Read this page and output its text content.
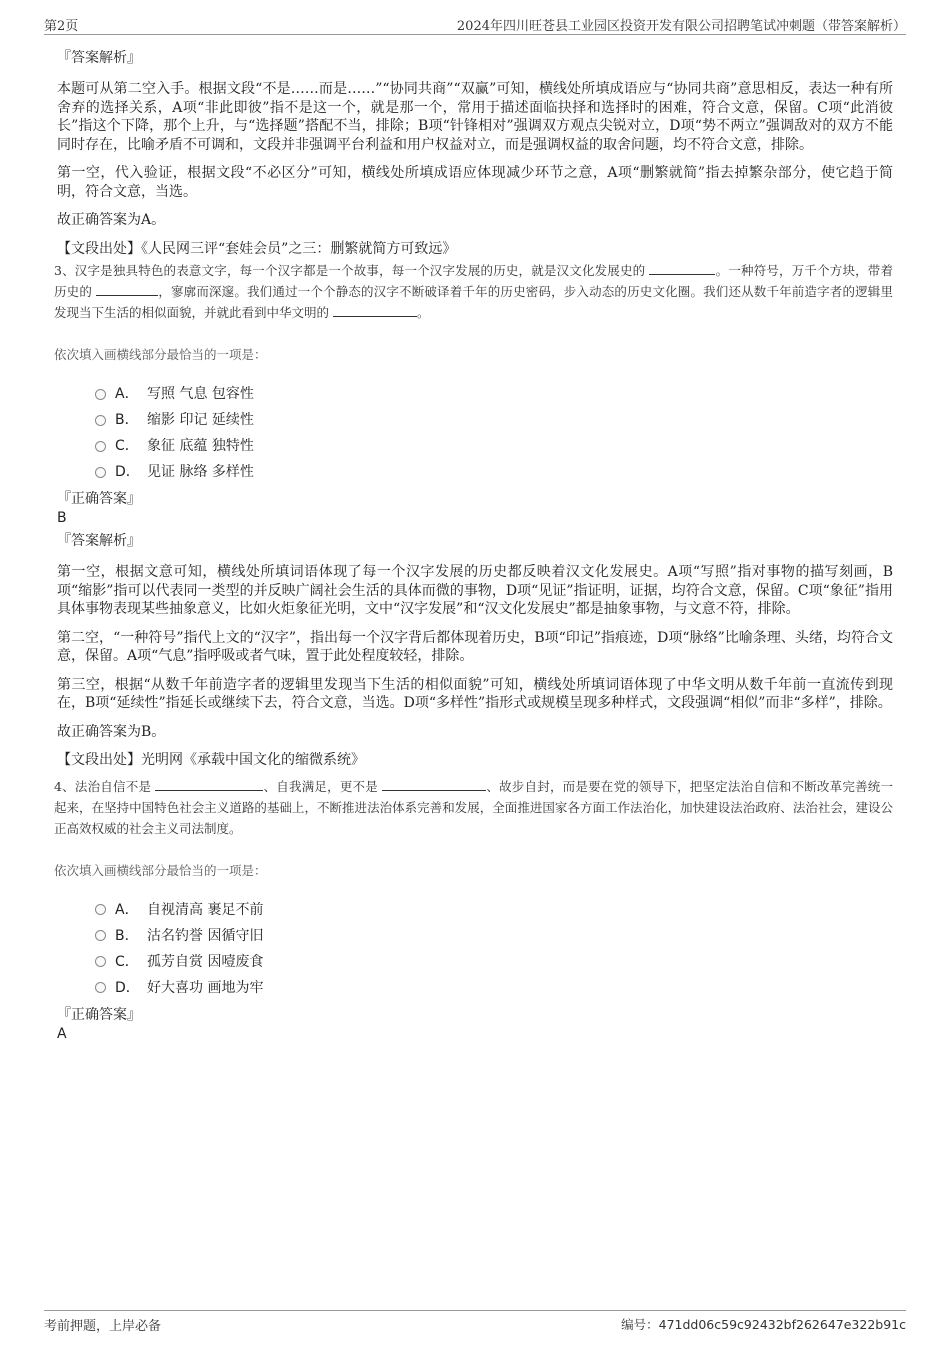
第2页	2024年四川旺苍县工业园区投资开发有限公司招聘笔试冲刺题（带答案解析）

『答案解析』

本题可从第二空入手。根据文段“不是……而是……”“协同共商”“双赢”可知，横线处所填成语应与“协同共商”意思相反，表达一种有所舍弃的选择关系，A项“非此即彼”指不是这一个，就是那一个，常用于描述面临抉择和选择时的困难，符合文意，保留。C项“此消彼长”指这个下降，那个上升，与“选择题”搭配不当，排除；B项“针锋相对”强调双方观点尖锐对立，D项“势不两立”强调敌对的双方不能同时存在，比喻矛盾不可调和，文段并非强调平台利益和用户权益对立，而是强调权益的取舍问题，均不符合文意，排除。

第一空，代入验证，根据文段“不必区分”可知，横线处所填成语应体现减少环节之意，A项“删繁就简”指去掉繁杂部分，使它趋于简明，符合文意，当选。

故正确答案为A。

【文段出处】《人民网三评“套娃会员”之三：删繁就简方可致远》

3、汉字是独具特色的表意文字，每一个汉字都是一个故事，每一个汉字发展的历史，就是汉文化发展史的	。一种符号，万千个方块，带着历史的	，寥廓而深邃。我们通过一个个静态的汉字不断破译着千年的历史密码，步入动态的历史文化圈。我们还从数千年前造字者的逻辑里发现当下生活的相似面貌，并就此看到中华文明的	。

依次填入画横线部分最恰当的一项是：

A． 写照 气息 包容性
B． 缩影 印记 延续性
C． 象征 底蕴 独特性
D． 见证 脉络 多样性

『正确答案』

B

『答案解析』

第一空，根据文意可知，横线处所填词语体现了每一个汉字发展的历史都反映着汉文化发展史。A项“写照”指对事物的描写刻画，B项“缩影”指可以代表同一类型的并反映广阔社会生活的具体而微的事物，D项“见证”指证明，证据，均符合文意，保留。C项“象征”指用具体事物表现某些抽象意义，比如火炬象征光明，文中“汉字发展”和“汉文化发展史”都是抽象事物，与文意不符，排除。

第二空，“一种符号”指代上文的“汉字”，指出每一个汉字背后都体现着历史，B项“印记”指痕迹，D项“脉络”比喻条理、头绪，均符合文意，保留。A项“气息”指呼吸或者气味，置于此处程度较轻，排除。

第三空，根据“从数千年前造字者的逻辑里发现当下生活的相似面貌”可知，横线处所填词语体现了中华文明从数千年前一直流传到现在，B项“延续性”指延长或继续下去，符合文意，当选。D项“多样性”指形式或规模呈现多种样式，文段强调“相似”而非“多样”，排除。

故正确答案为B。

【文段出处】光明网《承载中国文化的缩微系统》

4、法治自信不是	、自我满足，更不是	、故步自封，而是要在党的领导下，把坚定法治自信和不断改革完善统一起来，在坚持中国特色社会主义道路的基础上，不断推进法治体系完善和发展，全面推进国家各方面工作法治化，加快建设法治政府、法治社会，建设公正高效权威的社会主义司法制度。

依次填入画横线部分最恰当的一项是：

A． 自视清高 裹足不前
B． 沽名钓誉 因循守旧
C． 孤芳自赏 因噎废食
D． 好大喜功 画地为牢

『正确答案』

A

考前押题，上岸必备	编号：471dd06c59c92432bf262647e322b91c
